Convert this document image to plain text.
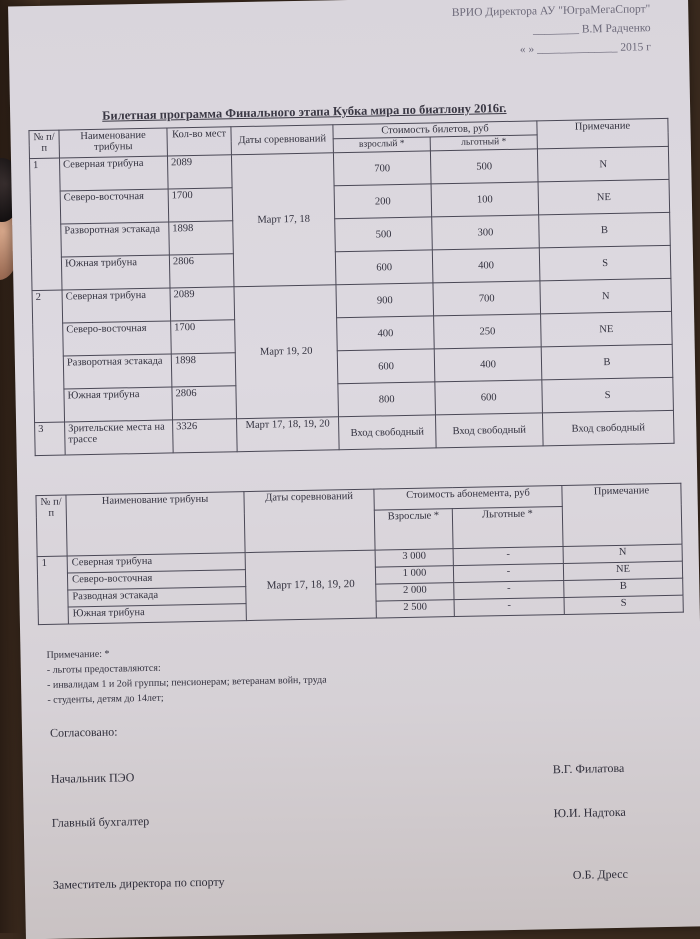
ВРИО Директора АУ "ЮграМегаСпорт"
________ В.М Радченко
« » ______________ 2015 г
Билетная программа Финального этапа Кубка мира по биатлону 2016г.
№ п/п	Наименование трибуны	Кол-во мест	Даты соревнований	Стоимость билетов, руб		Примечание
				взрослый *	льготный *	
1	Северная трибуна	2089	Март 17, 18	700	500	N
	Северо-восточная	1700		200	100	NE
	Разворотная эстакада	1898		500	300	B
	Южная трибуна	2806		600	400	S
2	Северная трибуна	2089	Март 19, 20	900	700	N
	Северо-восточная	1700		400	250	NE
	Разворотная эстакада	1898		600	400	B
	Южная трибуна	2806		800	600	S
3	Зрительские места на трассе	3326	Март 17, 18, 19, 20	Вход свободный	Вход свободный	Вход свободный
№ п/п	Наименование трибуны	Даты соревнований	Стоимость абонемента, руб		Примечание
			Взрослые *	Льготные *	
1	Северная трибуна	Март 17, 18, 19, 20	3 000	-	N
	Северо-восточная		1 000	-	NE
	Разводная эстакада		2 000	-	B
	Южная трибуна		2 500	-	S
Примечание: *
- льготы предоставляются:
- инвалидам 1 и 2ой группы; пенсионерам; ветеранам войн, труда
- студенты, детям до 14лет;
Согласовано:
Начальник ПЭО
В.Г. Филатова
Главный бухгалтер
Ю.И. Надтока
Заместитель директора по спорту
О.Б. Дресс
